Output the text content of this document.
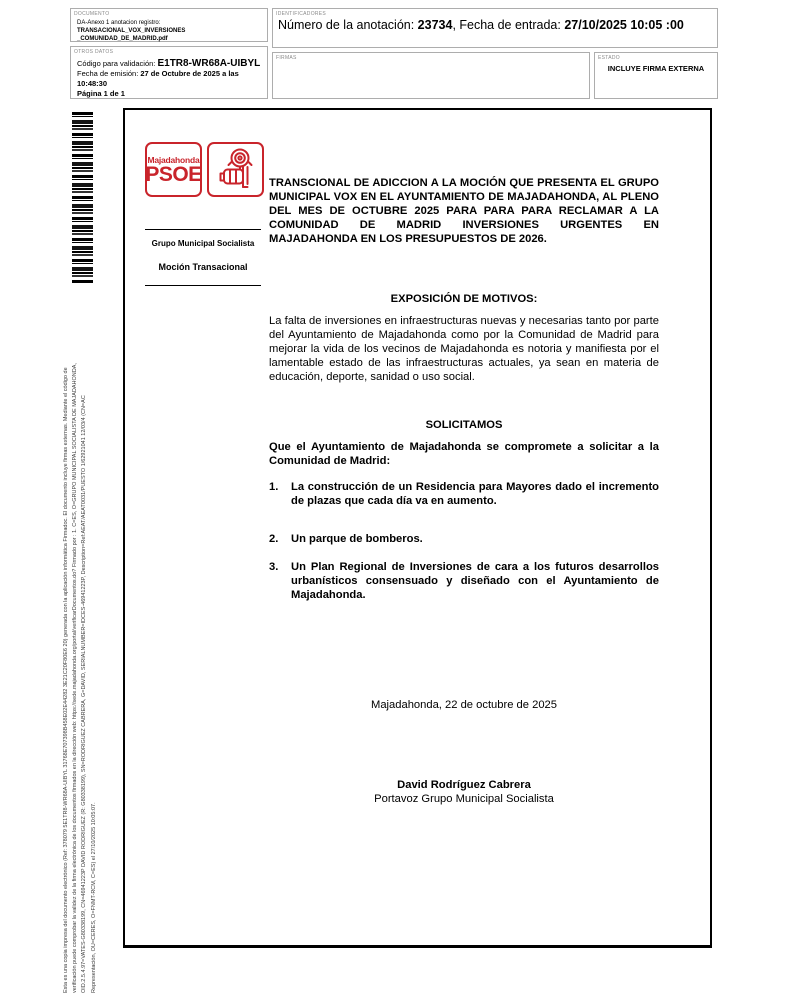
DOCUMENTO
DA-Anexo 1 anotacion registro: TRANSACIONAL_VOX_INVERSIONES _COMUNIDAD_DE_MADRID.pdf
IDENTIFICADORES
Número de la anotación: 23734, Fecha de entrada: 27/10/2025 10:05 :00
OTROS DATOS
Código para validación: E1TR8-WR68A-UIBYL
Fecha de emisión: 27 de Octubre de 2025 a las 10:48:30
Página 1 de 1
FIRMAS	ESTADO
INCLUYE FIRMA EXTERNA
Esta es una copia impresa del documento electrónico (Ref: 378079 5E1TR8-WR68A-UIBYL 31768E707398B458E02E44282 3E21C20F80E6 20) generada con la aplicación informática Firmadoc. El documento incluye firmas externas. Mediante el código de verificación puede comprobar la validez de la firma electrónica de los documentos firmados en la dirección web: https://sede.majadahonda.org/portal/verificarDocumentos.do? Firmado por : 1. C=ES, O=GRUPO MUNICIPAL SOCIALISTA DE MAJADAHONDA, OID.2.5.4.97=VATES-G80338199, CN=46941223P DAVID RODRIGUEZ (R: G80338199), SN=RODRIGUEZ CABRERA, G=DAVID, SERIALNUMBER=IDCES-46941223P, Description=Ref:AEAT/AEAT0031/PUESTO 1/62921041 12/03/4 (CN=AC Representación, OU=CERES, O=FNMT-RCM, C=ES) el 27/10/2025 10:05:07.
Majadahonda
PSOE
Grupo Municipal Socialista
Moción Transacional
TRANSCIONAL DE ADICCION A LA MOCIÓN QUE PRESENTA EL GRUPO MUNICIPAL VOX EN EL AYUNTAMIENTO DE MAJADAHONDA, AL PLENO DEL MES DE OCTUBRE 2025 PARA PARA PARA RECLAMAR A LA COMUNIDAD DE MADRID INVERSIONES URGENTES EN MAJADAHONDA EN LOS PRESUPUESTOS DE 2026.
EXPOSICIÓN DE MOTIVOS:
La falta de inversiones en infraestructuras nuevas y necesarias tanto por parte del Ayuntamiento de Majadahonda como por la Comunidad de Madrid para mejorar la vida de los vecinos de Majadahonda es notoria y manifiesta por el lamentable estado de las infraestructuras actuales, ya sean en materia de educación, deporte, sanidad o uso social.
SOLICITAMOS
Que el Ayuntamiento de Majadahonda se compromete a solicitar a la Comunidad de Madrid:
1.	La construcción de un Residencia para Mayores dado el incremento de plazas que cada día va en aumento.
2.	Un parque de bomberos.
3.	Un Plan Regional de Inversiones de cara a los futuros desarrollos urbanísticos consensuado y diseñado con el Ayuntamiento de Majadahonda.
Majadahonda, 22 de octubre de 2025
David Rodríguez Cabrera
Portavoz Grupo Municipal Socialista
